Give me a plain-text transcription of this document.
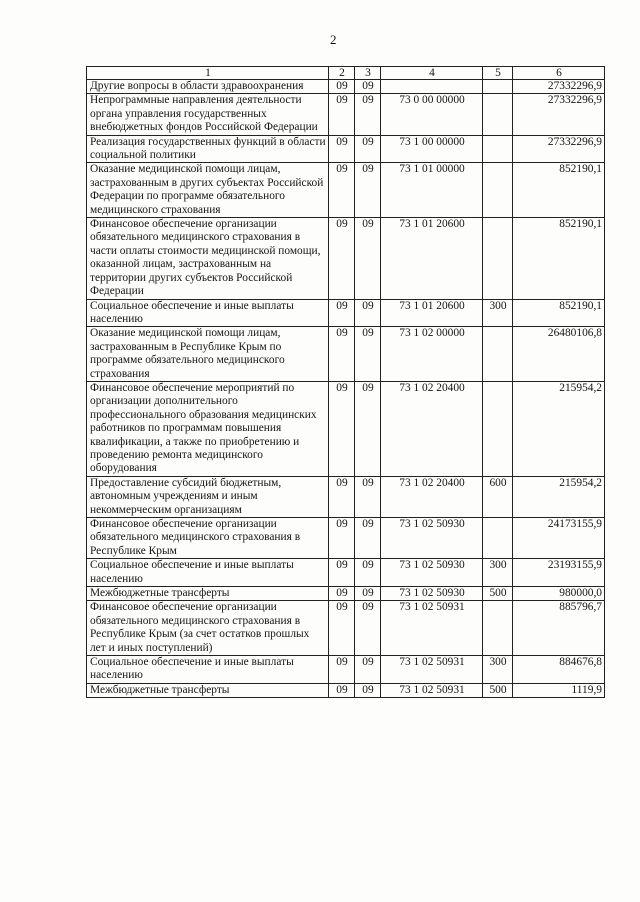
2
1	2	3	4	5	6
Другие вопросы в области здравоохранения	09	09			27332296,9
Непрограммные направления деятельности органа управления государственных внебюджетных фондов Российской Федерации	09	09	73 0 00 00000		27332296,9
Реализация государственных функций в области социальной политики	09	09	73 1 00 00000		27332296,9
Оказание медицинской помощи лицам, застрахованным в других субъектах Российской Федерации по программе обязательного медицинского страхования	09	09	73 1 01 00000		852190,1
Финансовое обеспечение организации обязательного медицинского страхования в части оплаты стоимости медицинской помощи, оказанной лицам, застрахованным на территории других субъектов Российской Федерации	09	09	73 1 01 20600		852190,1
Социальное обеспечение и иные выплаты населению	09	09	73 1 01 20600	300	852190,1
Оказание медицинской помощи лицам, застрахованным в Республике Крым по программе обязательного медицинского страхования	09	09	73 1 02 00000		26480106,8
Финансовое обеспечение мероприятий по организации дополнительного профессионального образования медицинских работников по программам повышения квалификации, а также по приобретению и проведению ремонта медицинского оборудования	09	09	73 1 02 20400		215954,2
Предоставление субсидий бюджетным, автономным учреждениям и иным некоммерческим организациям	09	09	73 1 02 20400	600	215954,2
Финансовое обеспечение организации обязательного медицинского страхования в Республике Крым	09	09	73 1 02 50930		24173155,9
Социальное обеспечение и иные выплаты населению	09	09	73 1 02 50930	300	23193155,9
Межбюджетные трансферты	09	09	73 1 02 50930	500	980000,0
Финансовое обеспечение организации обязательного медицинского страхования в Республике Крым (за счет остатков прошлых лет и иных поступлений)	09	09	73 1 02 50931		885796,7
Социальное обеспечение и иные выплаты населению	09	09	73 1 02 50931	300	884676,8
Межбюджетные трансферты	09	09	73 1 02 50931	500	1119,9
